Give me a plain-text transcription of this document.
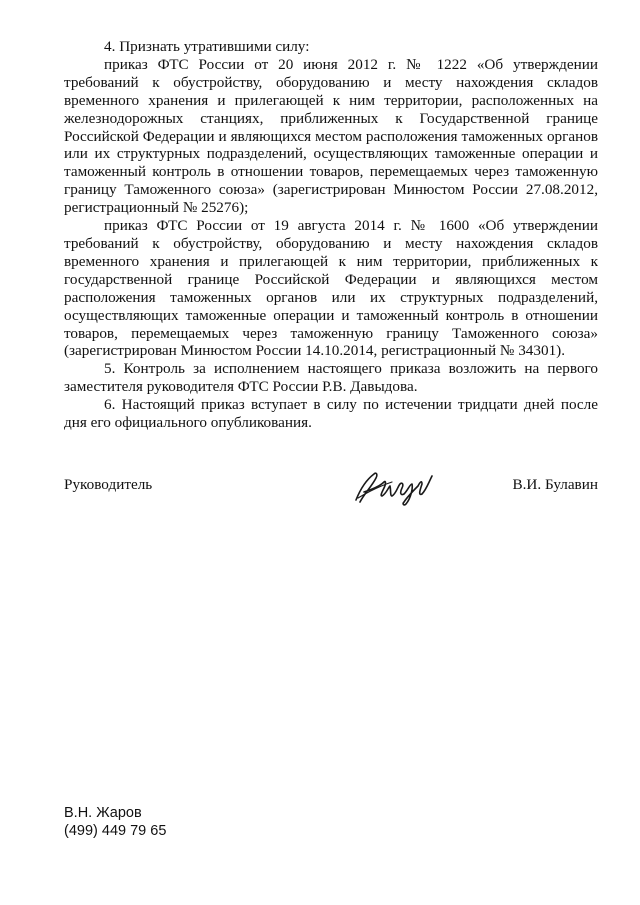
4. Признать утратившими силу:

приказ ФТС России от 20 июня 2012 г. № 1222 «Об утверждении требований к обустройству, оборудованию и месту нахождения складов временного хранения и прилегающей к ним территории, расположенных на железнодорожных станциях, приближенных к Государственной границе Российской Федерации и являющихся местом расположения таможенных органов или их структурных подразделений, осуществляющих таможенные операции и таможенный контроль в отношении товаров, перемещаемых через таможенную границу Таможенного союза» (зарегистрирован Минюстом России 27.08.2012, регистрационный № 25276);

приказ ФТС России от 19 августа 2014 г. № 1600 «Об утверждении требований к обустройству, оборудованию и месту нахождения складов временного хранения и прилегающей к ним территории, приближенных к государственной границе Российской Федерации и являющихся местом расположения таможенных органов или их структурных подразделений, осуществляющих таможенные операции и таможенный контроль в отношении товаров, перемещаемых через таможенную границу Таможенного союза» (зарегистрирован Минюстом России 14.10.2014, регистрационный № 34301).

5. Контроль за исполнением настоящего приказа возложить на первого заместителя руководителя ФТС России Р.В. Давыдова.

6. Настоящий приказ вступает в силу по истечении тридцати дней после дня его официального опубликования.

Руководитель	В.И. Булавин
В.Н. Жаров
(499) 449 79 65
